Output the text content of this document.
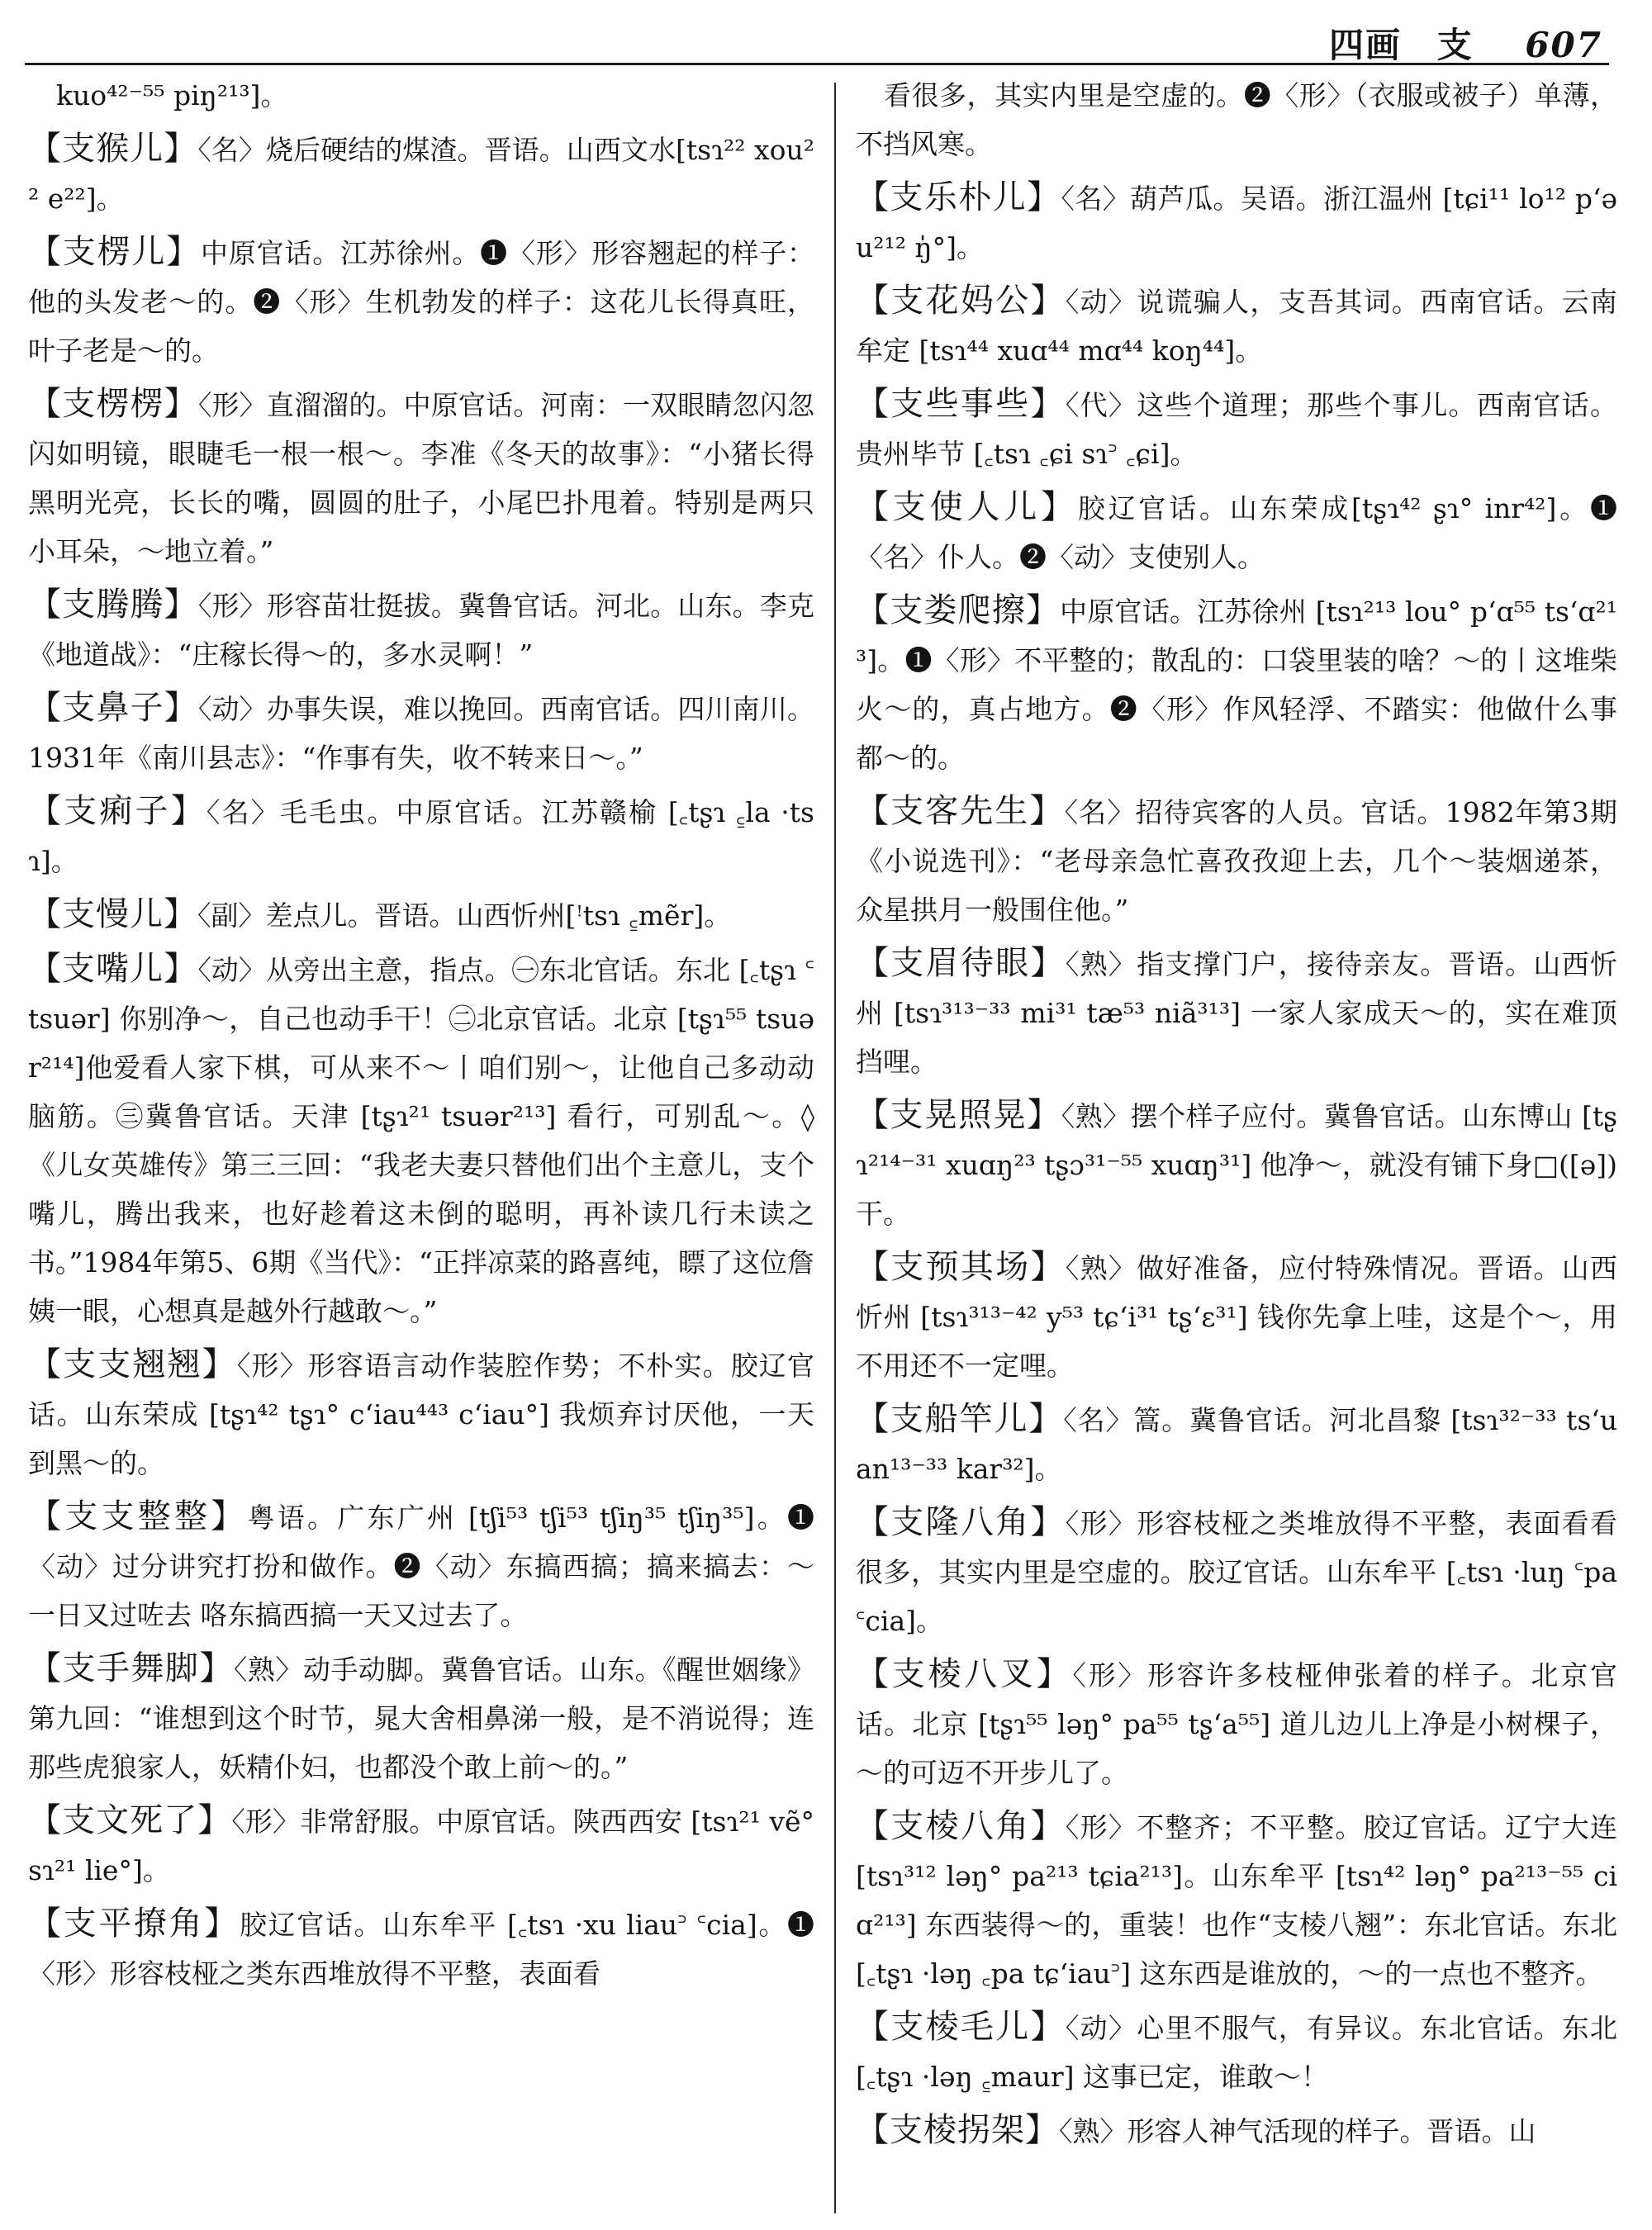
四画 支 607

kuo⁴²⁻⁵⁵ piŋ²¹³]。

【支猴儿】〈名〉烧后硬结的煤渣。晋语。山西文水[tsɿ²² xou²² e²²]。

【支楞儿】中原官话。江苏徐州。❶〈形〉形容翘起的样子：他的头发老～的。❷〈形〉生机勃发的样子：这花儿长得真旺，叶子老是～的。

【支楞楞】〈形〉直溜溜的。中原官话。河南：一双眼睛忽闪忽闪如明镜，眼睫毛一根一根～。李准《冬天的故事》：“小猪长得黑明光亮，长长的嘴，圆圆的肚子，小尾巴扑甩着。特别是两只小耳朵，～地立着。”

【支腾腾】〈形〉形容苗壮挺拔。冀鲁官话。河北。山东。李克《地道战》：“庄稼长得～的，多水灵啊！”

【支鼻子】〈动〉办事失误，难以挽回。西南官话。四川南川。1931年《南川县志》：“作事有失，收不转来日～。”

【支痢子】〈名〉毛毛虫。中原官话。江苏赣榆 [꜀tʂɿ ꜁la ·tsɿ]。

【支慢儿】〈副〉差点儿。晋语。山西忻州[ꜝtsɿ ꜁mẽr]。

【支嘴儿】〈动〉从旁出主意，指点。㊀东北官话。东北 [꜀tʂɿ ꜂tsuər] 你别净～，自己也动手干！㊁北京官话。北京 [tʂɿ⁵⁵ tsuər²¹⁴]他爱看人家下棋，可从来不～丨咱们别～，让他自己多动动脑筋。㊂冀鲁官话。天津 [tʂɿ²¹ tsuər²¹³] 看行，可别乱～。◊《儿女英雄传》第三三回：“我老夫妻只替他们出个主意儿，支个嘴儿，腾出我来，也好趁着这未倒的聪明，再补读几行未读之书。”1984年第5、6期《当代》：“正拌凉菜的路喜纯，瞟了这位詹姨一眼，心想真是越外行越敢～。”

【支支翘翘】〈形〉形容语言动作装腔作势；不朴实。胶辽官话。山东荣成 [tʂɿ⁴² tʂɿ° cʻiau⁴⁴³ cʻiau°] 我烦弃讨厌他，一天到黑～的。

【支支整整】粤语。广东广州 [tʃi⁵³ tʃi⁵³ tʃiŋ³⁵ tʃiŋ³⁵]。❶〈动〉过分讲究打扮和做作。❷〈动〉东搞西搞；搞来搞去：～一日又过咗去 咯东搞西搞一天又过去了。

【支手舞脚】〈熟〉动手动脚。冀鲁官话。山东。《醒世姻缘》第九回：“谁想到这个时节，晁大舍相鼻涕一般，是不消说得；连那些虎狼家人，妖精仆妇，也都没个敢上前～的。”

【支文死了】〈形〉非常舒服。中原官话。陕西西安 [tsɿ²¹ vẽ° sɿ²¹ lie°]。

【支平撩角】胶辽官话。山东牟平 [꜀tsɿ ·xu liau꜄ ꜂cia]。❶〈形〉形容枝桠之类东西堆放得不平整，表面看

看很多，其实内里是空虚的。❷〈形〉（衣服或被子）单薄，不挡风寒。

【支乐朴儿】〈名〉葫芦瓜。吴语。浙江温州 [tɕi¹¹ lo¹² pʻəu²¹² ŋ̍°]。

【支花妈公】〈动〉说谎骗人，支吾其词。西南官话。云南牟定 [tsɿ⁴⁴ xuɑ⁴⁴ mɑ⁴⁴ koŋ⁴⁴]。

【支些事些】〈代〉这些个道理；那些个事儿。西南官话。贵州毕节 [꜀tsɿ ꜀ɕi sɿ꜄ ꜀ɕi]。

【支使人儿】胶辽官话。山东荣成[tʂɿ⁴² ʂɿ° inr⁴²]。❶〈名〉仆人。❷〈动〉支使别人。

【支娄爬擦】中原官话。江苏徐州 [tsɿ²¹³ lou° pʻɑ⁵⁵ tsʻɑ²¹³]。❶〈形〉不平整的；散乱的：口袋里装的啥？～的丨这堆柴火～的，真占地方。❷〈形〉作风轻浮、不踏实：他做什么事都～的。

【支客先生】〈名〉招待宾客的人员。官话。1982年第3期《小说选刊》：“老母亲急忙喜孜孜迎上去，几个～装烟递茶，众星拱月一般围住他。”

【支眉待眼】〈熟〉指支撑门户，接待亲友。晋语。山西忻州 [tsɿ³¹³⁻³³ mi³¹ tæ⁵³ niã³¹³] 一家人家成天～的，实在难顶挡哩。

【支晃照晃】〈熟〉摆个样子应付。冀鲁官话。山东博山 [tʂɿ²¹⁴⁻³¹ xuɑŋ²³ tʂɔ³¹⁻⁵⁵ xuɑŋ³¹] 他净～，就没有铺下身□([ə])干。

【支预其场】〈熟〉做好准备，应付特殊情况。晋语。山西忻州 [tsɿ³¹³⁻⁴² y⁵³ tɕʻi³¹ tʂʻɛ³¹] 钱你先拿上哇，这是个～，用不用还不一定哩。

【支船竿儿】〈名〉篙。冀鲁官话。河北昌黎 [tsɿ³²⁻³³ tsʻuan¹³⁻³³ kar³²]。

【支隆八角】〈形〉形容枝桠之类堆放得不平整，表面看看很多，其实内里是空虚的。胶辽官话。山东牟平 [꜀tsɿ ·luŋ ꜂pa ꜂cia]。

【支棱八叉】〈形〉形容许多枝桠伸张着的样子。北京官话。北京 [tʂɿ⁵⁵ ləŋ° pa⁵⁵ tʂʻa⁵⁵] 道儿边儿上净是小树棵子，～的可迈不开步儿了。

【支棱八角】〈形〉不整齐；不平整。胶辽官话。辽宁大连 [tsɿ³¹² ləŋ° pa²¹³ tɕia²¹³]。山东牟平 [tsɿ⁴² ləŋ° pa²¹³⁻⁵⁵ ciɑ²¹³] 东西装得～的，重装！也作“支棱八翘”：东北官话。东北[꜀tʂɿ ·ləŋ ꜀pa tɕʻiau꜄] 这东西是谁放的，～的一点也不整齐。

【支棱毛儿】〈动〉心里不服气，有异议。东北官话。东北 [꜀tʂɿ ·ləŋ ꜁maur] 这事已定，谁敢～！

【支棱拐架】〈熟〉形容人神气活现的样子。晋语。山
